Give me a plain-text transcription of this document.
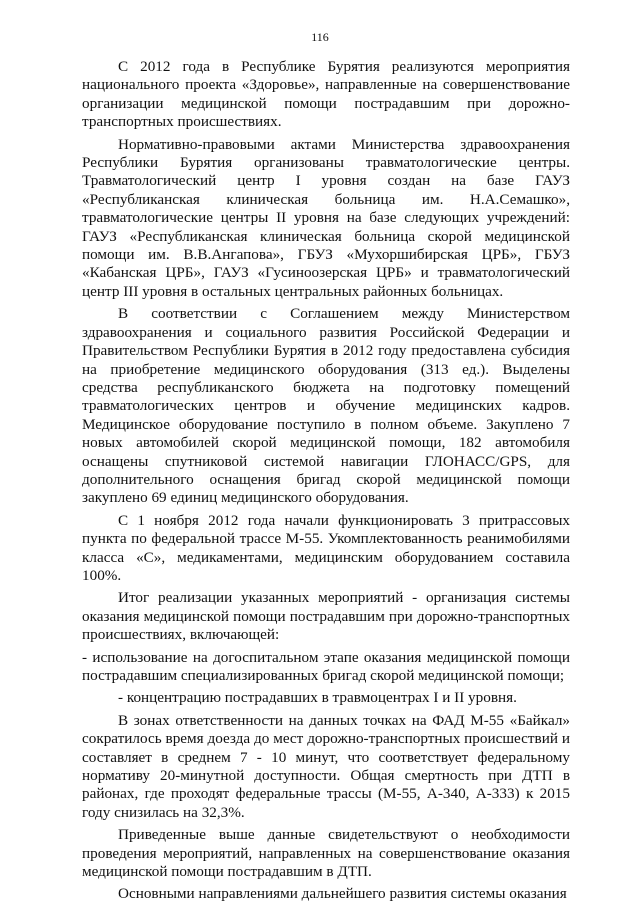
116

С 2012 года в Республике Бурятия реализуются мероприятия национального проекта «Здоровье», направленные на совершенствование организации медицинской помощи пострадавшим при дорожно-транспортных происшествиях.

Нормативно-правовыми актами Министерства здравоохранения Республики Бурятия организованы травматологические центры. Травматологический центр I уровня создан на базе ГАУЗ «Республиканская клиническая больница им. Н.А.Семашко», травматологические центры II уровня на базе следующих учреждений: ГАУЗ «Республиканская клиническая больница скорой медицинской помощи им. В.В.Ангапова», ГБУЗ «Мухоршибирская ЦРБ», ГБУЗ «Кабанская ЦРБ», ГАУЗ «Гусиноозерская ЦРБ» и травматологический центр III уровня в остальных центральных районных больницах.

В соответствии с Соглашением между Министерством здравоохранения и социального развития Российской Федерации и Правительством Республики Бурятия в 2012 году предоставлена субсидия на приобретение медицинского оборудования (313 ед.). Выделены средства республиканского бюджета на подготовку помещений травматологических центров и обучение медицинских кадров. Медицинское оборудование поступило в полном объеме. Закуплено 7 новых автомобилей скорой медицинской помощи, 182 автомобиля оснащены спутниковой системой навигации ГЛОНАСС/GPS, для дополнительного оснащения бригад скорой медицинской помощи закуплено 69 единиц медицинского оборудования.

С 1 ноября 2012 года начали функционировать 3 притрассовых пункта по федеральной трассе М-55. Укомплектованность реанимобилями класса «С», медикаментами, медицинским оборудованием составила 100%.

Итог реализации указанных мероприятий - организация системы оказания медицинской помощи пострадавшим при дорожно-транспортных происшествиях, включающей:

- использование на догоспитальном этапе оказания медицинской помощи пострадавшим специализированных бригад скорой медицинской помощи;

- концентрацию пострадавших в травмоцентрах I и II уровня.

В зонах ответственности на данных точках на ФАД М-55 «Байкал» сократилось время доезда до мест дорожно-транспортных происшествий и составляет в среднем 7 - 10 минут, что соответствует федеральному нормативу 20-минутной доступности. Общая смертность при ДТП в районах, где проходят федеральные трассы (М-55, А-340, А-333) к 2015 году снизилась на 32,3%.

Приведенные выше данные свидетельствуют о необходимости проведения мероприятий, направленных на совершенствование оказания медицинской помощи пострадавшим в ДТП.

Основными направлениями дальнейшего развития системы оказания
